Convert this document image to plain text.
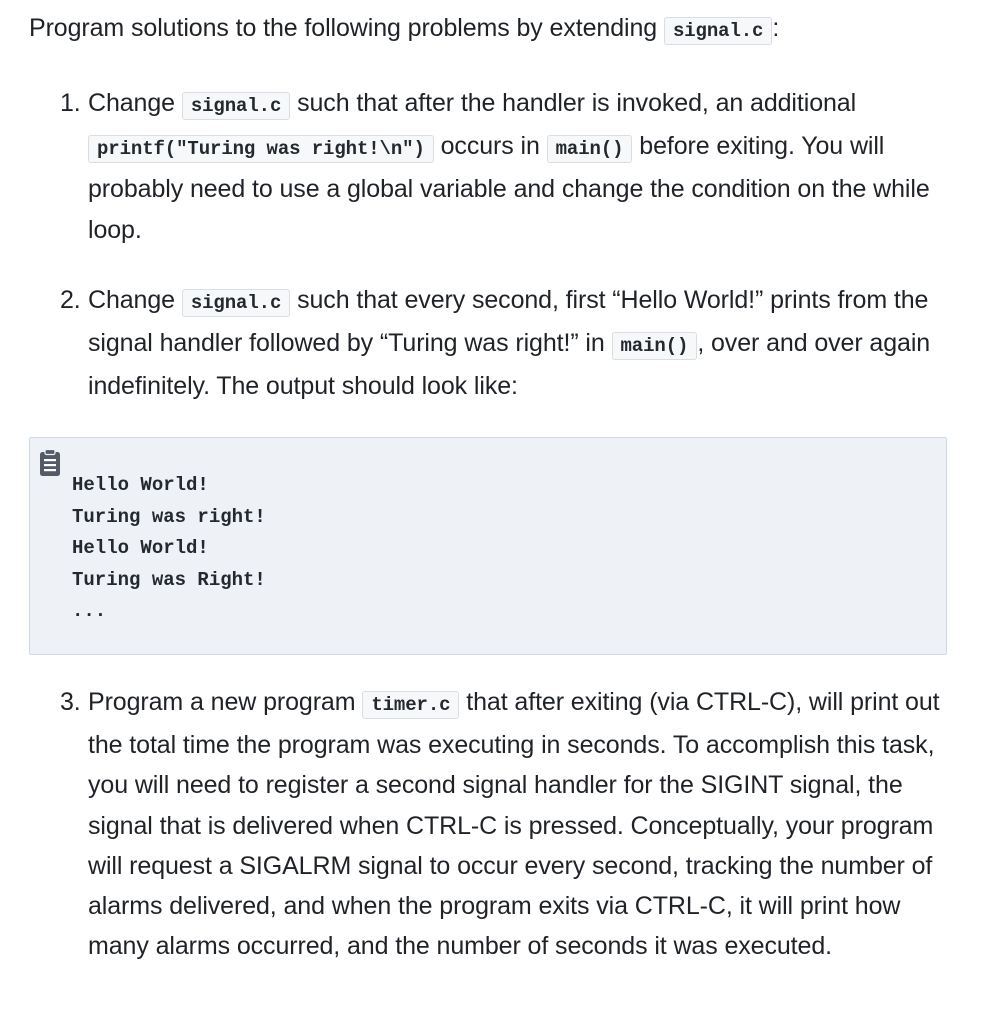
Program solutions to the following problems by extending signal.c :

1. Change signal.c such that after the handler is invoked, an additional printf("Turing was right!\n") occurs in main() before exiting. You will probably need to use a global variable and change the condition on the while loop.
2. Change signal.c such that every second, first “Hello World!” prints from the signal handler followed by “Turing was right!” in main() , over and over again indefinitely. The output should look like:
3. Program a new program timer.c that after exiting (via CTRL-C), will print out the total time the program was executing in seconds. To accomplish this task, you will need to register a second signal handler for the SIGINT signal, the signal that is delivered when CTRL-C is pressed. Conceptually, your program will request a SIGALRM signal to occur every second, tracking the number of alarms delivered, and when the program exits via CTRL-C, it will print how many alarms occurred, and the number of seconds it was executed.
Hello World!
Turing was right!
Hello World!
Turing was Right!
...
